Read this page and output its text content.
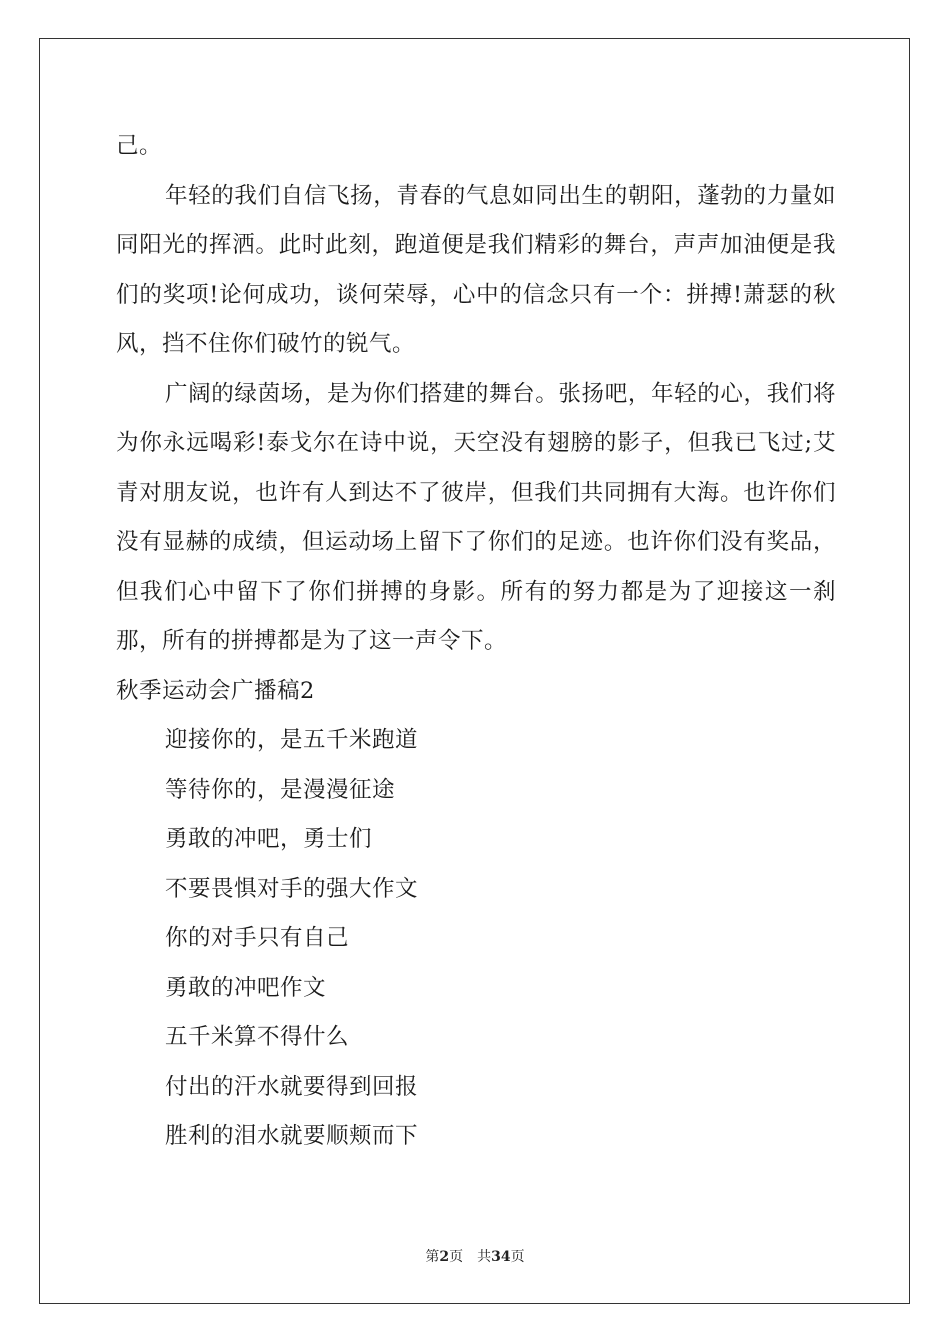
己。

年轻的我们自信飞扬，青春的气息如同出生的朝阳，蓬勃的力量如同阳光的挥洒。此时此刻，跑道便是我们精彩的舞台，声声加油便是我们的奖项!论何成功，谈何荣辱，心中的信念只有一个：拼搏!萧瑟的秋风，挡不住你们破竹的锐气。

广阔的绿茵场，是为你们搭建的舞台。张扬吧，年轻的心，我们将为你永远喝彩!泰戈尔在诗中说，天空没有翅膀的影子，但我已飞过;艾青对朋友说，也许有人到达不了彼岸，但我们共同拥有大海。也许你们没有显赫的成绩，但运动场上留下了你们的足迹。也许你们没有奖品，但我们心中留下了你们拼搏的身影。所有的努力都是为了迎接这一刹那，所有的拼搏都是为了这一声令下。

秋季运动会广播稿2

迎接你的，是五千米跑道

等待你的，是漫漫征途

勇敢的冲吧，勇士们

不要畏惧对手的强大作文

你的对手只有自己

勇敢的冲吧作文

五千米算不得什么

付出的汗水就要得到回报

胜利的泪水就要顺颊而下

第2页 共34页
